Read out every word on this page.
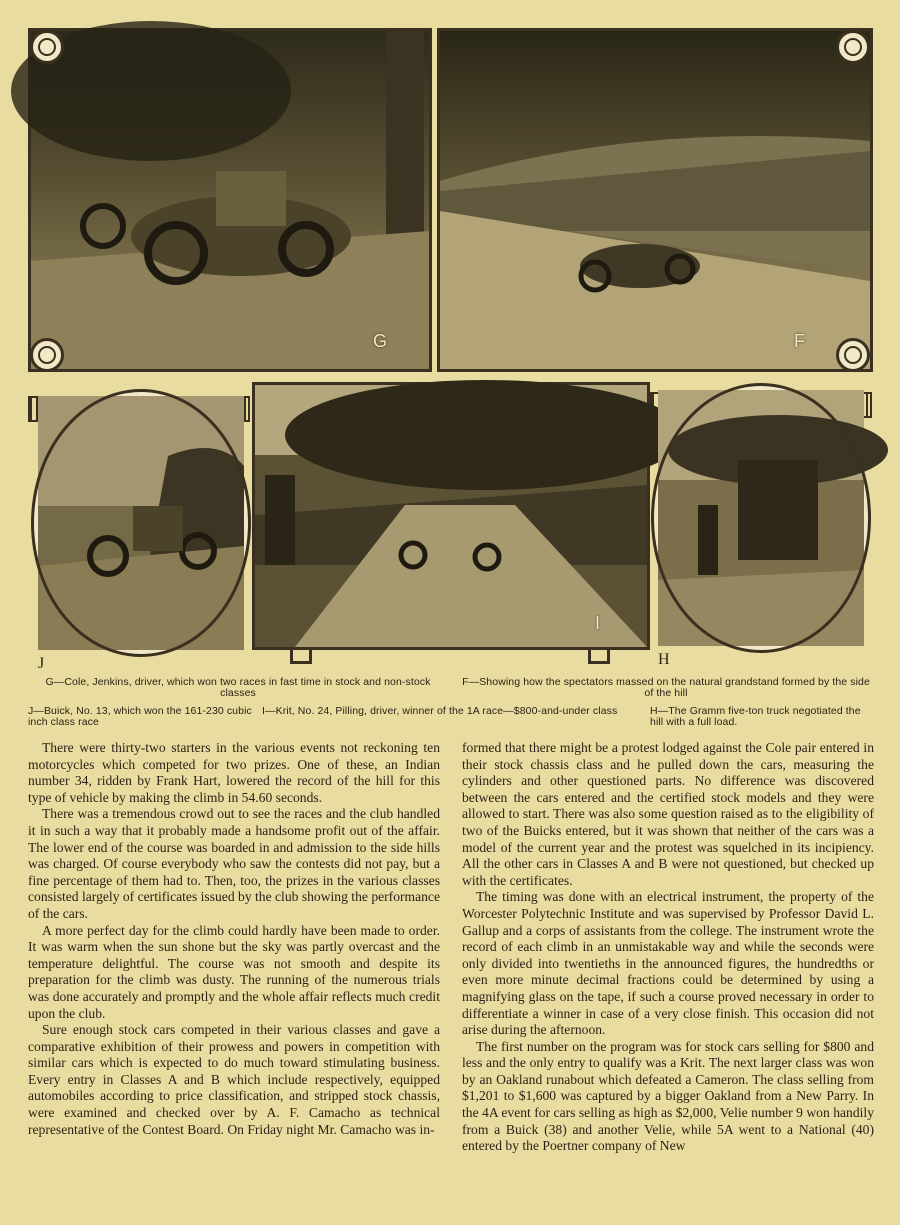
G	F
J
I
H
G—Cole, Jenkins, driver, which won two races in fast time in stock and non-stock classes
F—Showing how the spectators massed on the natural grandstand formed by the side of the hill
J—Buick, No. 13, which won the 161-230 cubic inch class race
I—Krit, No. 24, Pilling, driver, winner of the 1A race—$800-and-under class	H—The Gramm five-ton truck negotiated the hill with a full load.

There were thirty-two starters in the various events not reckoning ten motorcycles which competed for two prizes. One of these, an Indian number 34, ridden by Frank Hart, lowered the record of the hill for this type of vehicle by making the climb in 54.60 seconds.

There was a tremendous crowd out to see the races and the club handled it in such a way that it probably made a handsome profit out of the affair. The lower end of the course was boarded in and admission to the side hills was charged. Of course everybody who saw the contests did not pay, but a fine percentage of them had to. Then, too, the prizes in the various classes consisted largely of certificates issued by the club showing the performance of the cars.

A more perfect day for the climb could hardly have been made to order. It was warm when the sun shone but the sky was partly overcast and the temperature delightful. The course was not smooth and despite its preparation for the climb was dusty. The running of the numerous trials was done accurately and promptly and the whole affair reflects much credit upon the club.

Sure enough stock cars competed in their various classes and gave a comparative exhibition of their prowess and powers in competition with similar cars which is expected to do much toward stimulating business. Every entry in Classes A and B which include respectively, equipped automobiles according to price classification, and stripped stock chassis, were examined and checked over by A. F. Camacho as technical representative of the Contest Board. On Friday night Mr. Camacho was in-

formed that there might be a protest lodged against the Cole pair entered in their stock chassis class and he pulled down the cars, measuring the cylinders and other questioned parts. No difference was discovered between the cars entered and the certified stock models and they were allowed to start. There was also some question raised as to the eligibility of two of the Buicks entered, but it was shown that neither of the cars was a model of the current year and the protest was squelched in its incipiency. All the other cars in Classes A and B were not questioned, but checked up with the certificates.

The timing was done with an electrical instrument, the property of the Worcester Polytechnic Institute and was supervised by Professor David L. Gallup and a corps of assistants from the college. The instrument wrote the record of each climb in an unmistakable way and while the seconds were only divided into twentieths in the announced figures, the hundredths or even more minute decimal fractions could be determined by using a magnifying glass on the tape, if such a course proved necessary in order to differentiate a winner in case of a very close finish. This occasion did not arise during the afternoon.

The first number on the program was for stock cars selling for $800 and less and the only entry to qualify was a Krit. The next larger class was won by an Oakland runabout which defeated a Cameron. The class selling from $1,201 to $1,600 was captured by a bigger Oakland from a New Parry. In the 4A event for cars selling as high as $2,000, Velie number 9 won handily from a Buick (38) and another Velie, while 5A went to a National (40) entered by the Poertner company of New
